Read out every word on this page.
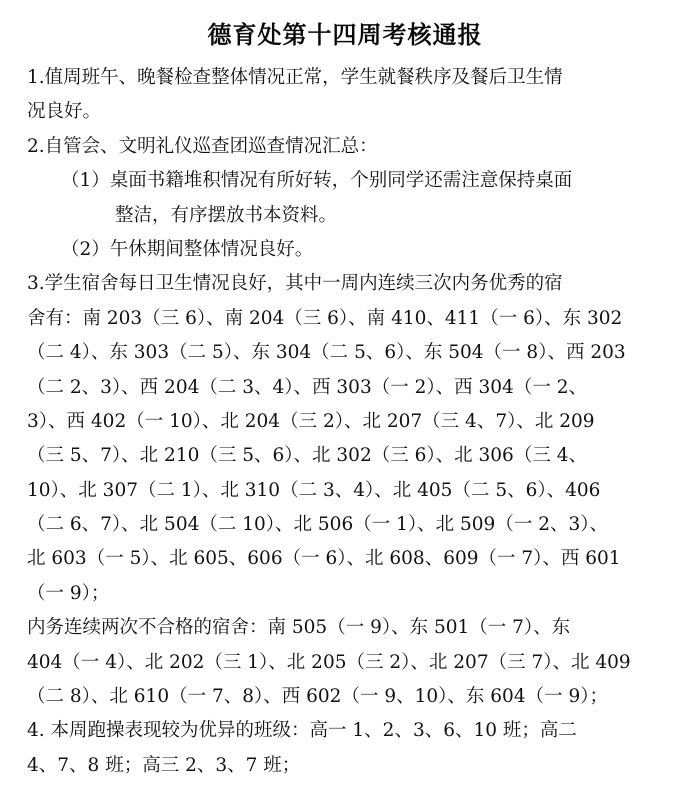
德育处第十四周考核通报
1.值周班午、晚餐检查整体情况正常，学生就餐秩序及餐后卫生情
况良好。
2.自管会、文明礼仪巡查团巡查情况汇总：
（1）桌面书籍堆积情况有所好转，个别同学还需注意保持桌面
整洁，有序摆放书本资料。
（2）午休期间整体情况良好。
3.学生宿舍每日卫生情况良好，其中一周内连续三次内务优秀的宿
舍有：南 203（三 6）、南 204（三 6）、南 410、411（一 6）、东 302
（二 4）、东 303（二 5）、东 304（二 5、6）、东 504（一 8）、西 203
（二 2、3）、西 204（二 3、4）、西 303（一 2）、西 304（一 2、
3）、西 402（一 10）、北 204（三 2）、北 207（三 4、7）、北 209
（三 5、7）、北 210（三 5、6）、北 302（三 6）、北 306（三 4、
10）、北 307（二 1）、北 310（二 3、4）、北 405（二 5、6）、406
（二 6、7）、北 504（二 10）、北 506（一 1）、北 509（一 2、3）、
北 603（一 5）、北 605、606（一 6）、北 608、609（一 7）、西 601
（一 9）；
内务连续两次不合格的宿舍：南 505（一 9）、东 501（一 7）、东
404（一 4）、北 202（三 1）、北 205（三 2）、北 207（三 7）、北 409
（二 8）、北 610（一 7、8）、西 602（一 9、10）、东 604（一 9）；
4. 本周跑操表现较为优异的班级：高一 1、2、3、6、10 班；高二
4、7、8 班；高三 2、3、7 班；
